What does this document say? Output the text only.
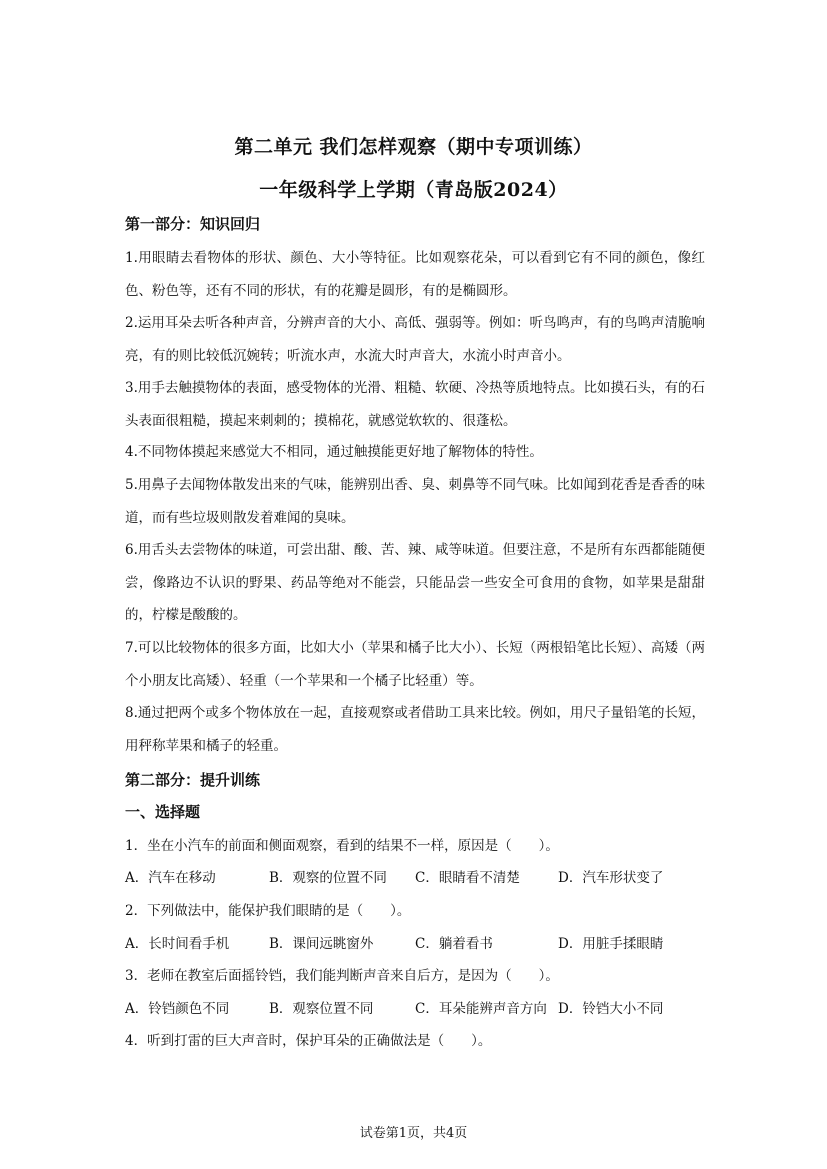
第二单元 我们怎样观察（期中专项训练）
一年级科学上学期（青岛版2024）
第一部分：知识回归
1.用眼睛去看物体的形状、颜色、大小等特征。比如观察花朵，可以看到它有不同的颜色，像红色、粉色等，还有不同的形状，有的花瓣是圆形，有的是椭圆形。
2.运用耳朵去听各种声音，分辨声音的大小、高低、强弱等。例如：听鸟鸣声，有的鸟鸣声清脆响亮，有的则比较低沉婉转；听流水声，水流大时声音大，水流小时声音小。
3.用手去触摸物体的表面，感受物体的光滑、粗糙、软硬、冷热等质地特点。比如摸石头，有的石头表面很粗糙，摸起来刺刺的；摸棉花，就感觉软软的、很蓬松。
4.不同物体摸起来感觉大不相同，通过触摸能更好地了解物体的特性。
5.用鼻子去闻物体散发出来的气味，能辨别出香、臭、刺鼻等不同气味。比如闻到花香是香香的味道，而有些垃圾则散发着难闻的臭味。
6.用舌头去尝物体的味道，可尝出甜、酸、苦、辣、咸等味道。但要注意，不是所有东西都能随便尝，像路边不认识的野果、药品等绝对不能尝，只能品尝一些安全可食用的食物，如苹果是甜甜的，柠檬是酸酸的。
7.可以比较物体的很多方面，比如大小（苹果和橘子比大小）、长短（两根铅笔比长短）、高矮（两个小朋友比高矮）、轻重（一个苹果和一个橘子比轻重）等。
8.通过把两个或多个物体放在一起，直接观察或者借助工具来比较。例如，用尺子量铅笔的长短，用秤称苹果和橘子的轻重。
第二部分：提升训练
一、选择题
1．坐在小汽车的前面和侧面观察，看到的结果不一样，原因是（　　）。
A．汽车在移动	B．观察的位置不同 C．眼睛看不清楚	D．汽车形状变了
2．下列做法中，能保护我们眼睛的是（　　）。
A．长时间看手机	B．课间远眺窗外	C．躺着看书	D．用脏手揉眼睛
3．老师在教室后面摇铃铛，我们能判断声音来自后方，是因为（　　）。
A．铃铛颜色不同	B．观察位置不同	C．耳朵能辨声音方向 D．铃铛大小不同
4．听到打雷的巨大声音时，保护耳朵的正确做法是（　　）。
试卷第1页，共4页
